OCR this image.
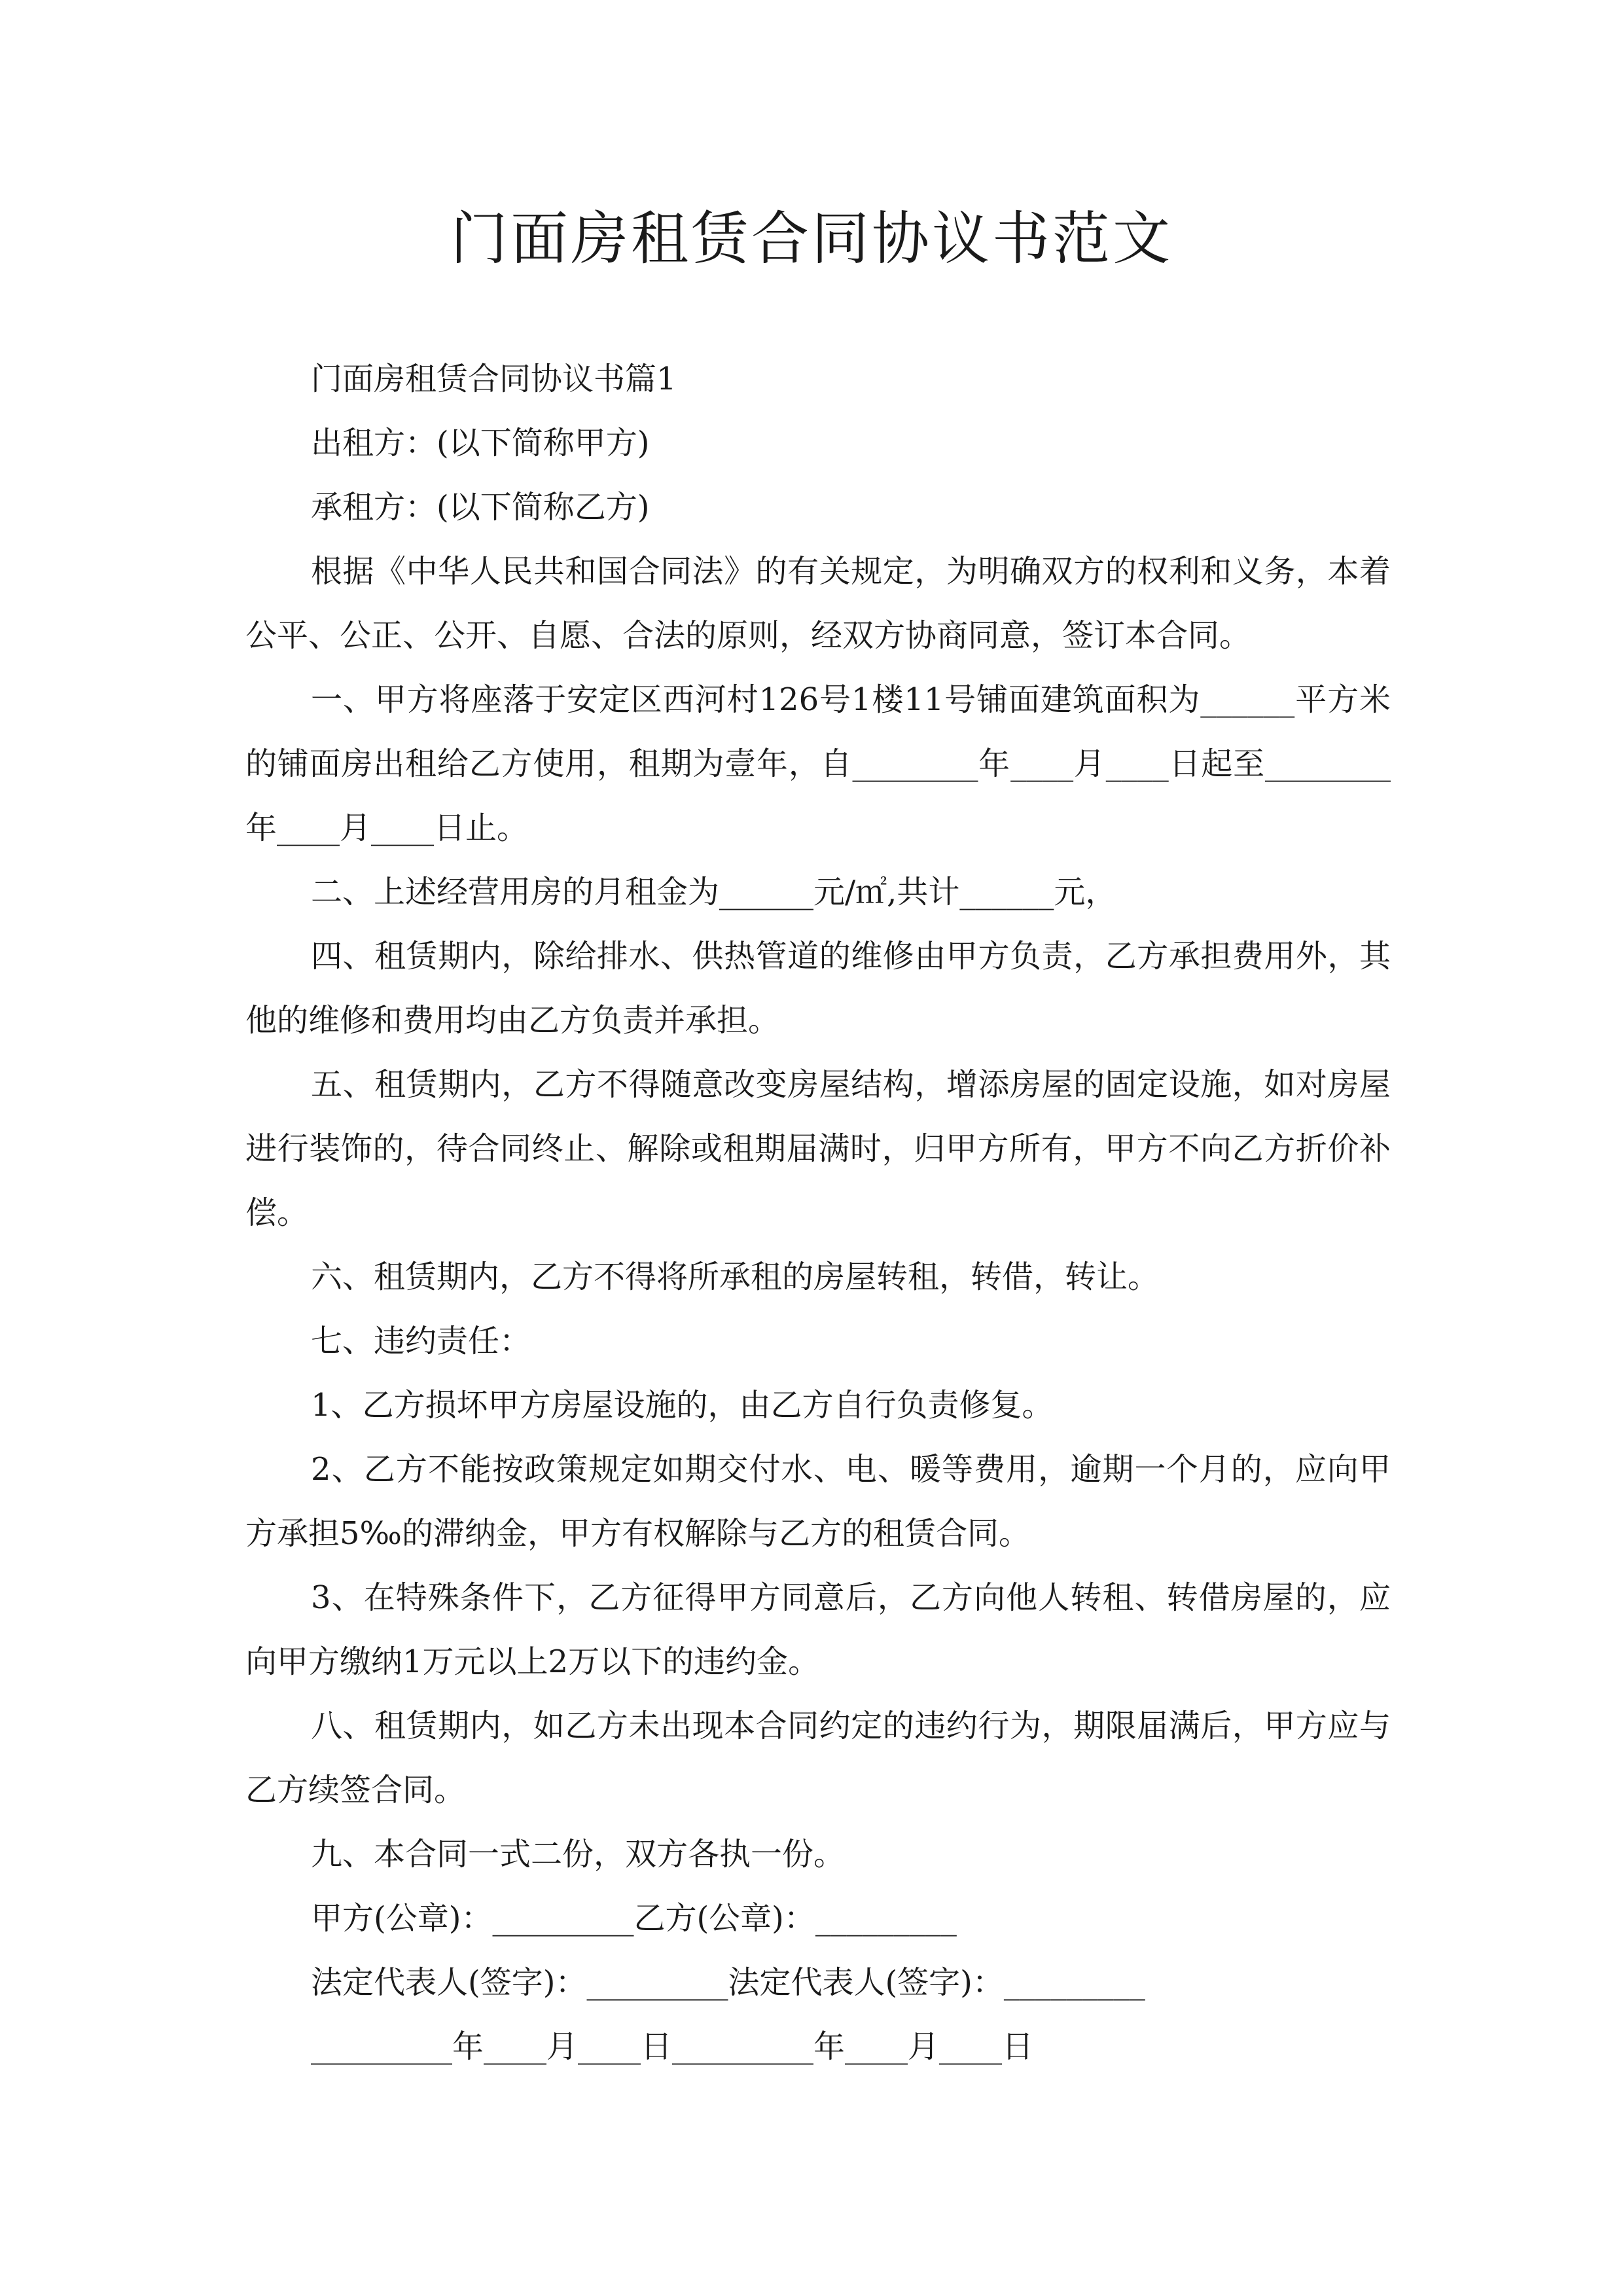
门面房租赁合同协议书范文

门面房租赁合同协议书篇1

出租方：(以下简称甲方)

承租方：(以下简称乙方)

根据《中华人民共和国合同法》的有关规定，为明确双方的权利和义务，本着公平、公正、公开、自愿、合法的原则，经双方协商同意，签订本合同。

一、甲方将座落于安定区西河村126号1楼11号铺面建筑面积为______平方米的铺面房出租给乙方使用，租期为壹年，自________年____月____日起至________年____月____日止。

二、上述经营用房的月租金为______元/㎡,共计______元，

四、租赁期内，除给排水、供热管道的维修由甲方负责，乙方承担费用外，其他的维修和费用均由乙方负责并承担。

五、租赁期内，乙方不得随意改变房屋结构，增添房屋的固定设施，如对房屋进行装饰的，待合同终止、解除或租期届满时，归甲方所有，甲方不向乙方折价补偿。

六、租赁期内，乙方不得将所承租的房屋转租，转借，转让。

七、违约责任：

1、乙方损坏甲方房屋设施的，由乙方自行负责修复。

2、乙方不能按政策规定如期交付水、电、暖等费用，逾期一个月的，应向甲方承担5‰的滞纳金，甲方有权解除与乙方的租赁合同。

3、在特殊条件下，乙方征得甲方同意后，乙方向他人转租、转借房屋的，应向甲方缴纳1万元以上2万以下的违约金。

八、租赁期内，如乙方未出现本合同约定的违约行为，期限届满后，甲方应与乙方续签合同。

九、本合同一式二份，双方各执一份。

甲方(公章)：_________乙方(公章)：_________

法定代表人(签字)：_________法定代表人(签字)：_________

_________年____月____日_________年____月____日
